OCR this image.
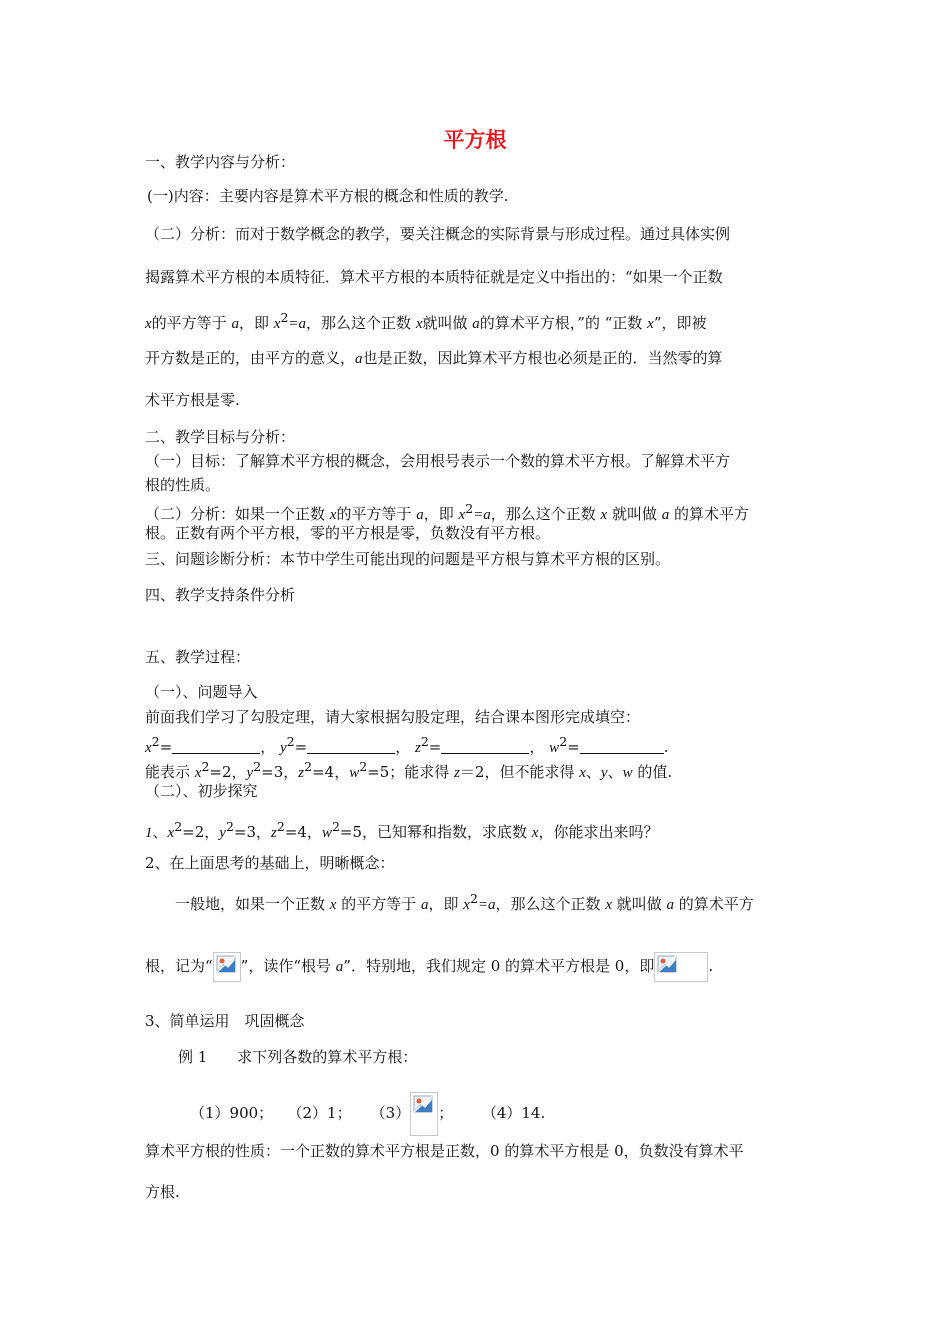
平方根
一、教学内容与分析：
(一)内容：主要内容是算术平方根的概念和性质的教学.
（二）分析：而对于数学概念的教学，要关注概念的实际背景与形成过程。通过具体实例
揭露算术平方根的本质特征．算术平方根的本质特征就是定义中指出的：“如果一个正数
x的平方等于 a，即 $x^2=a$，那么这个正数 x就叫做 a的算术平方根，”的 “正数 x”，即被
开方数是正的，由平方的意义，a也是正数，因此算术平方根也必须是正的．当然零的算
术平方根是零.
二、教学目标与分析：
（一）目标：了解算术平方根的概念，会用根号表示一个数的算术平方根。了解算术平方
根的性质。
（二）分析：如果一个正数 x的平方等于 a，即 $x^2=a$，那么这个正数 x 就叫做 a 的算术平方
根。正数有两个平方根，零的平方根是零，负数没有平方根。
三、问题诊断分析：本节中学生可能出现的问题是平方根与算术平方根的区别。
四、教学支持条件分析
五、教学过程：
（一）、问题导入
前面我们学习了勾股定理，请大家根据勾股定理，结合课本图形完成填空：
$x^2=$	， $y^2=$	， $z^2=$	， $w^2=$	.
能表示 $x^2=2$，$y^2=3$，$z^2=4$，$w^2=5$；能求得 z＝2，但不能求得 x、y、w 的值.
（二）、初步探究
1、$x^2=2$，$y^2=3$，$z^2=4$，$w^2=5$，已知幂和指数，求底数 x，你能求出来吗？
2、在上面思考的基础上，明晰概念：
一般地，如果一个正数 x 的平方等于 a，即 $x^2=a$，那么这个正数 x 就叫做 a 的算术平方
根，记为“ ”，读作“根号 a”．特别地，我们规定 0 的算术平方根是 0，即	.
3、简单运用　巩固概念
例 1　　求下列各数的算术平方根：
（1）900； （2）1； （3） ； （4）14.
算术平方根的性质：一个正数的算术平方根是正数，0 的算术平方根是 0，负数没有算术平
方根.
